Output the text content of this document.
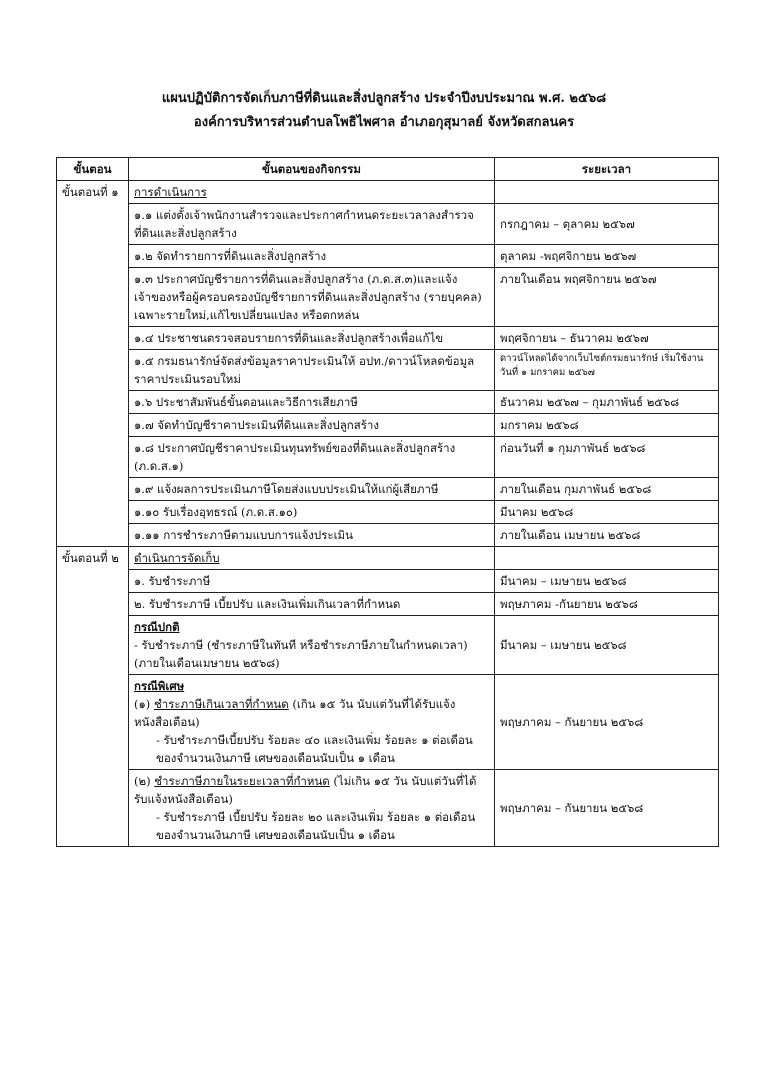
แผนปฏิบัติการจัดเก็บภาษีที่ดินและสิ่งปลูกสร้าง ประจำปีงบประมาณ พ.ศ. ๒๕๖๘
องค์การบริหารส่วนตำบลโพธิไพศาล อำเภอกุสุมาลย์ จังหวัดสกลนคร
ขั้นตอน	ขั้นตอนของกิจกรรม	ระยะเวลา
ขั้นตอนที่ ๑	การดำเนินการ	
	๑.๑ แต่งตั้งเจ้าพนักงานสำรวจและประกาศกำหนดระยะเวลาลงสำรวจที่ดินและสิ่งปลูกสร้าง	กรกฎาคม – ตุลาคม ๒๕๖๗
	๑.๒ จัดทำรายการที่ดินและสิ่งปลูกสร้าง	ตุลาคม -พฤศจิกายน ๒๕๖๗
	๑.๓ ประกาศบัญชีรายการที่ดินและสิ่งปลูกสร้าง (ภ.ด.ส.๓)และแจ้งเจ้าของหรือผู้ครอบครองบัญชีรายการที่ดินและสิ่งปลูกสร้าง (รายบุคคล) เฉพาะรายใหม่,แก้ไขเปลี่ยนแปลง หรือตกหล่น	ภายในเดือน พฤศจิกายน ๒๕๖๗
	๑.๔ ประชาชนตรวจสอบรายการที่ดินและสิ่งปลูกสร้างเพื่อแก้ไข	พฤศจิกายน – ธันวาคม ๒๕๖๗
	๑.๕ กรมธนารักษ์จัดส่งข้อมูลราคาประเมินให้ อปท./ดาวน์โหลดข้อมูลราคาประเมินรอบใหม่	ดาวน์โหลดได้จากเว็บไซต์กรมธนารักษ์ เริ่มใช้งานวันที่ ๑ มกราคม ๒๕๖๗
	๑.๖ ประชาสัมพันธ์ขั้นตอนและวิธีการเสียภาษี	ธันวาคม ๒๕๖๗ – กุมภาพันธ์ ๒๕๖๘
	๑.๗ จัดทำบัญชีราคาประเมินที่ดินและสิ่งปลูกสร้าง	มกราคม ๒๕๖๘
	๑.๘ ประกาศบัญชีราคาประเมินทุนทรัพย์ของที่ดินและสิ่งปลูกสร้าง (ภ.ด.ส.๑)	ก่อนวันที่ ๑ กุมภาพันธ์ ๒๕๖๘
	๑.๙ แจ้งผลการประเมินภาษีโดยส่งแบบประเมินให้แก่ผู้เสียภาษี	ภายในเดือน กุมภาพันธ์ ๒๕๖๘
	๑.๑๐ รับเรื่องอุทธรณ์ (ภ.ด.ส.๑๐)	มีนาคม ๒๕๖๘
	๑.๑๑ การชำระภาษีตามแบบการแจ้งประเมิน	ภายในเดือน เมษายน ๒๕๖๘
ขั้นตอนที่ ๒	ดำเนินการจัดเก็บ	
	๑. รับชำระภาษี	มีนาคม – เมษายน ๒๕๖๘
	๒. รับชำระภาษี เบี้ยปรับ และเงินเพิ่มเกินเวลาที่กำหนด	พฤษภาคม -กันยายน ๒๕๖๘

	กรณีปกติ
- รับชำระภาษี (ชำระภาษีในทันที หรือชำระภาษีภายในกำหนดเวลา) (ภายในเดือนเมษายน ๒๕๖๘)	มีนาคม – เมษายน ๒๕๖๘

	กรณีพิเศษ
(๑) ชำระภาษีเกินเวลาที่กำหนด (เกิน ๑๕ วัน นับแต่วันที่ได้รับแจ้งหนังสือเตือน)
- รับชำระภาษีเบี้ยปรับ ร้อยละ ๔๐ และเงินเพิ่ม ร้อยละ ๑ ต่อเดือน ของจำนวนเงินภาษี เศษของเดือนนับเป็น ๑ เดือน	พฤษภาคม – กันยายน ๒๕๖๘

	(๒) ชำระภาษีภายในระยะเวลาที่กำหนด (ไม่เกิน ๑๕ วัน นับแต่วันที่ได้รับแจ้งหนังสือเตือน)
- รับชำระภาษี เบี้ยปรับ ร้อยละ ๒๐ และเงินเพิ่ม ร้อยละ ๑ ต่อเดือน ของจำนวนเงินภาษี เศษของเดือนนับเป็น ๑ เดือน	พฤษภาคม – กันยายน ๒๕๖๘
